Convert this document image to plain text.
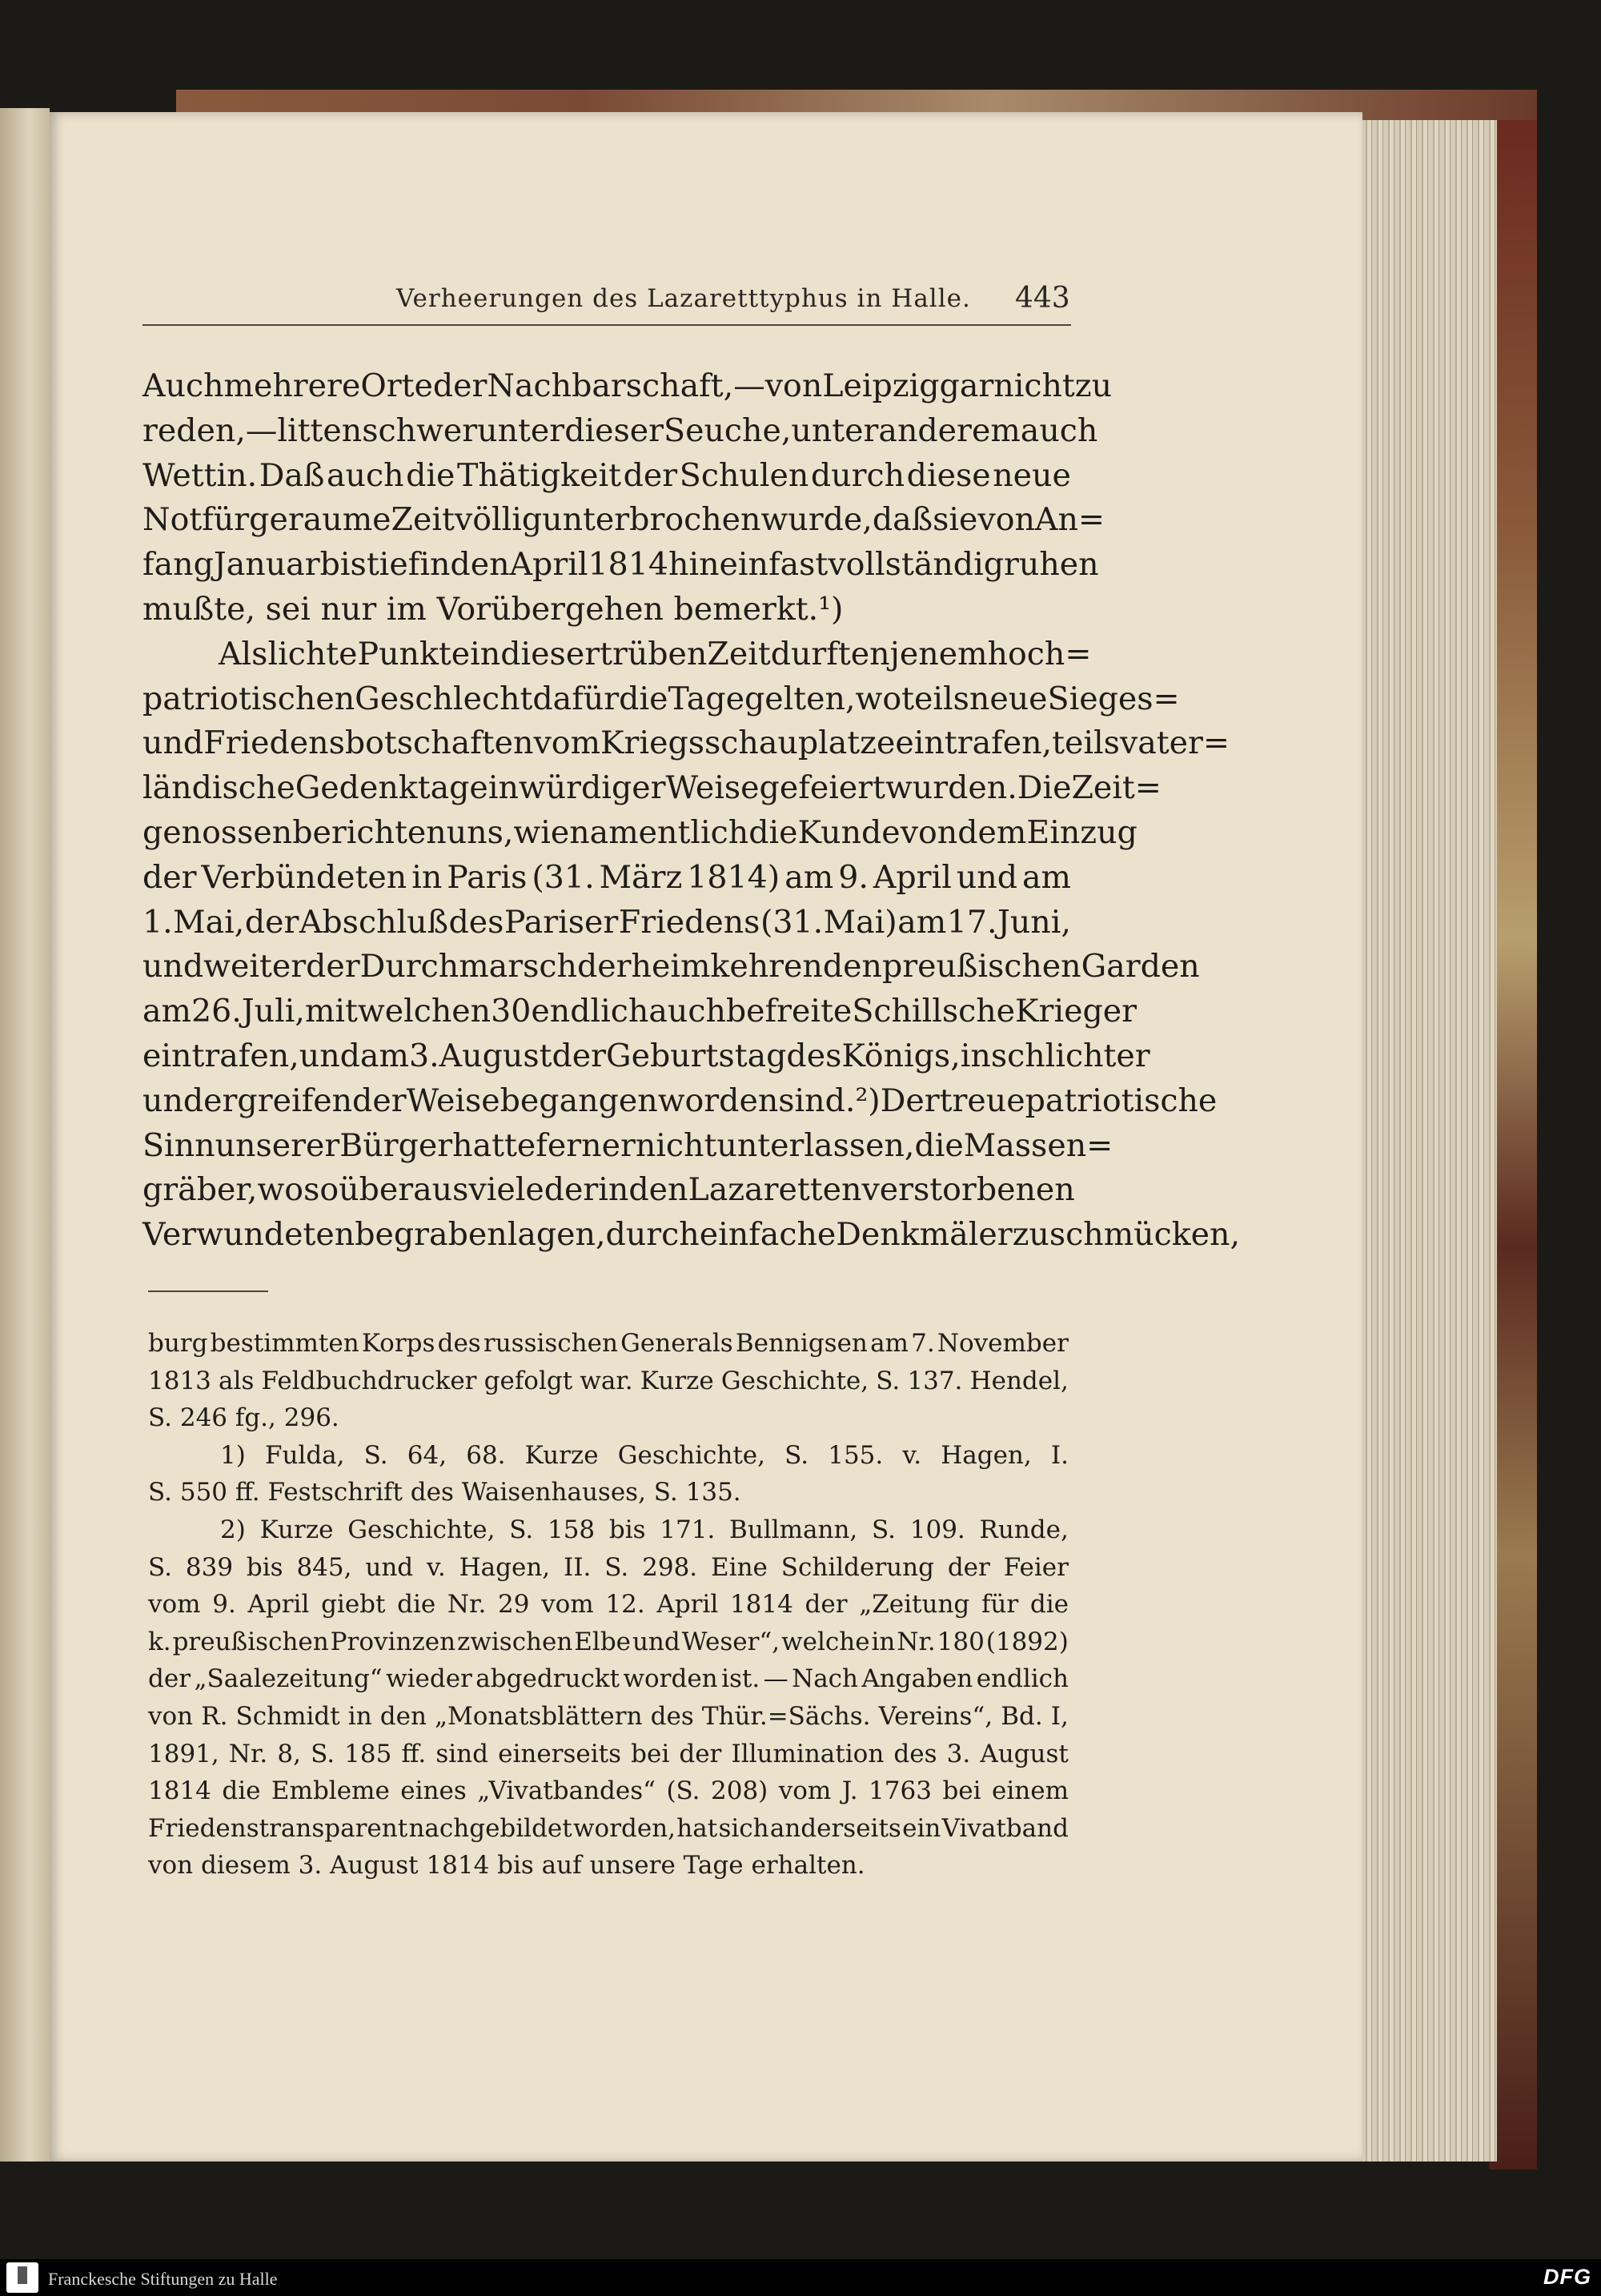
Verheerungen des Lazaretttyphus in Halle. 443
Auch mehrere Orte der Nachbarschaft, — von Leipzig gar nicht zu
reden, — litten schwer unter dieser Seuche, unter anderem auch
Wettin. Daß auch die Thätigkeit der Schulen durch diese neue
Not für geraume Zeit völlig unterbrochen wurde, daß sie von An=
fang Januar bis tief in den April 1814 hinein fast vollständig ruhen
mußte, sei nur im Vorübergehen bemerkt.¹)
Als lichte Punkte in dieser trüben Zeit durften jenem hoch=
patriotischen Geschlecht dafür die Tage gelten, wo teils neue Sieges=
und Friedensbotschaften vom Kriegsschauplatze eintrafen, teils vater=
ländische Gedenktage in würdiger Weise gefeiert wurden. Die Zeit=
genossen berichten uns, wie namentlich die Kunde von dem Einzug
der Verbündeten in Paris (31. März 1814) am 9. April und am
1. Mai, der Abschluß des Pariser Friedens (31. Mai) am 17. Juni,
und weiter der Durchmarsch der heimkehrenden preußischen Garden
am 26. Juli, mit welchen 30 endlich auch befreite Schillsche Krieger
eintrafen, und am 3. August der Geburtstag des Königs, in schlichter
und ergreifender Weise begangen worden sind.²) Der treue patriotische
Sinn unserer Bürger hatte ferner nicht unterlassen, die Massen=
gräber, wo so überaus viele der in den Lazaretten verstorbenen
Verwundeten begraben lagen, durch einfache Denkmäler zu schmücken,
burg bestimmten Korps des russischen Generals Bennigsen am 7. November
1813 als Feldbuchdrucker gefolgt war. Kurze Geschichte, S. 137. Hendel,
S. 246 fg., 296.
1) Fulda, S. 64, 68. Kurze Geschichte, S. 155. v. Hagen, I.
S. 550 ff. Festschrift des Waisenhauses, S. 135.
2) Kurze Geschichte, S. 158 bis 171. Bullmann, S. 109. Runde,
S. 839 bis 845, und v. Hagen, II. S. 298. Eine Schilderung der Feier
vom 9. April giebt die Nr. 29 vom 12. April 1814 der „Zeitung für die
k. preußischen Provinzen zwischen Elbe und Weser“, welche in Nr. 180 (1892)
der „Saalezeitung“ wieder abgedruckt worden ist. — Nach Angaben endlich
von R. Schmidt in den „Monatsblättern des Thür.=Sächs. Vereins“, Bd. I,
1891, Nr. 8, S. 185 ff. sind einerseits bei der Illumination des 3. August
1814 die Embleme eines „Vivatbandes“ (S. 208) vom J. 1763 bei einem
Friedenstransparent nachgebildet worden, hat sich anderseits ein Vivatband
von diesem 3. August 1814 bis auf unsere Tage erhalten.
Franckesche Stiftungen zu Halle	DFG
